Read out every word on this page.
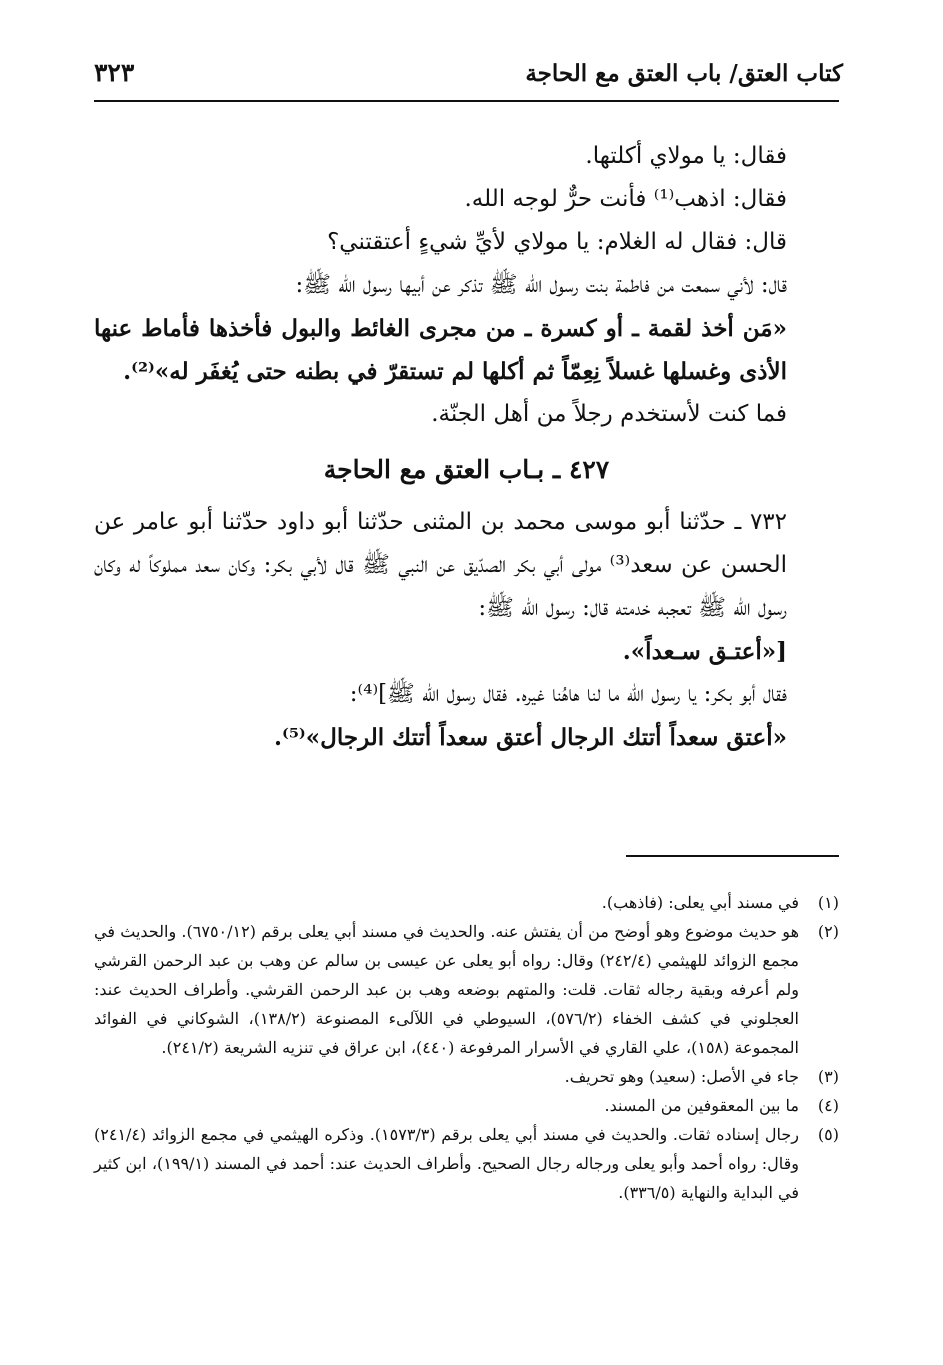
كتاب العتق/ باب العتق مع الحاجة
٣٢٣

فقال: يا مولاي أكلتها.

فقال: اذهب⁽¹⁾ فأنت حرٌّ لوجه الله.

قال: فقال له الغلام: يا مولاي لأيِّ شيءٍ أعتقتني؟

قال: لأني سمعت من فاطمة بنت رسول الله ﷺ تذكر عن أبيها رسول الله ﷺ:

«مَن أخذ لقمة ـ أو كسرة ـ من مجرى الغائط والبول فأخذها فأماط عنها الأذى وغسلها غسلاً نِعِمّاً ثم أكلها لم تستقرّ في بطنه حتى يُغفَر له»⁽²⁾.

فما كنت لأستخدم رجلاً من أهل الجنّة.

٤٢٧ ـ بـاب العتق مع الحاجة

٧٣٢ ـ حدّثنا أبو موسى محمد بن المثنى حدّثنا أبو داود حدّثنا أبو عامر عن الحسن عن سعد⁽³⁾ مولى أبي بكر الصدّيق عن النبي ﷺ قال لأبي بكر: وكان سعد مملوكاً له وكان رسول الله ﷺ تعجبه خدمته قال: رسول الله ﷺ:

[«أعتـق سـعداً».

فقال أبو بكر: يا رسول الله ما لنا هاهُنا غيره. فقال رسول الله ﷺ]⁽⁴⁾:

«أعتق سعداً أتتك الرجال أعتق سعداً أتتك الرجال»⁽⁵⁾.

(١)
في مسند أبي يعلى: (فاذهب).
(٢)
هو حديث موضوع وهو أوضح من أن يفتش عنه. والحديث في مسند أبي يعلى برقم (٦٧٥٠/١٢). والحديث في مجمع الزوائد للهيثمي (٢٤٢/٤) وقال: رواه أبو يعلى عن عيسى بن سالم عن وهب بن عبد الرحمن القرشي ولم أعرفه وبقية رجاله ثقات. قلت: والمتهم بوضعه وهب بن عبد الرحمن القرشي. وأطراف الحديث عند: العجلوني في كشف الخفاء (٥٧٦/٢)، السيوطي في اللآلىء المصنوعة (١٣٨/٢)، الشوكاني في الفوائد المجموعة (١٥٨)، علي القاري في الأسرار المرفوعة (٤٤٠)، ابن عراق في تنزيه الشريعة (٢٤١/٢).
(٣)
جاء في الأصل: (سعيد) وهو تحريف.
(٤)
ما بين المعقوفين من المسند.
(٥)
رجال إسناده ثقات. والحديث في مسند أبي يعلى برقم (١٥٧٣/٣). وذكره الهيثمي في مجمع الزوائد (٢٤١/٤) وقال: رواه أحمد وأبو يعلى ورجاله رجال الصحيح. وأطراف الحديث عند: أحمد في المسند (١٩٩/١)، ابن كثير في البداية والنهاية (٣٣٦/٥).
